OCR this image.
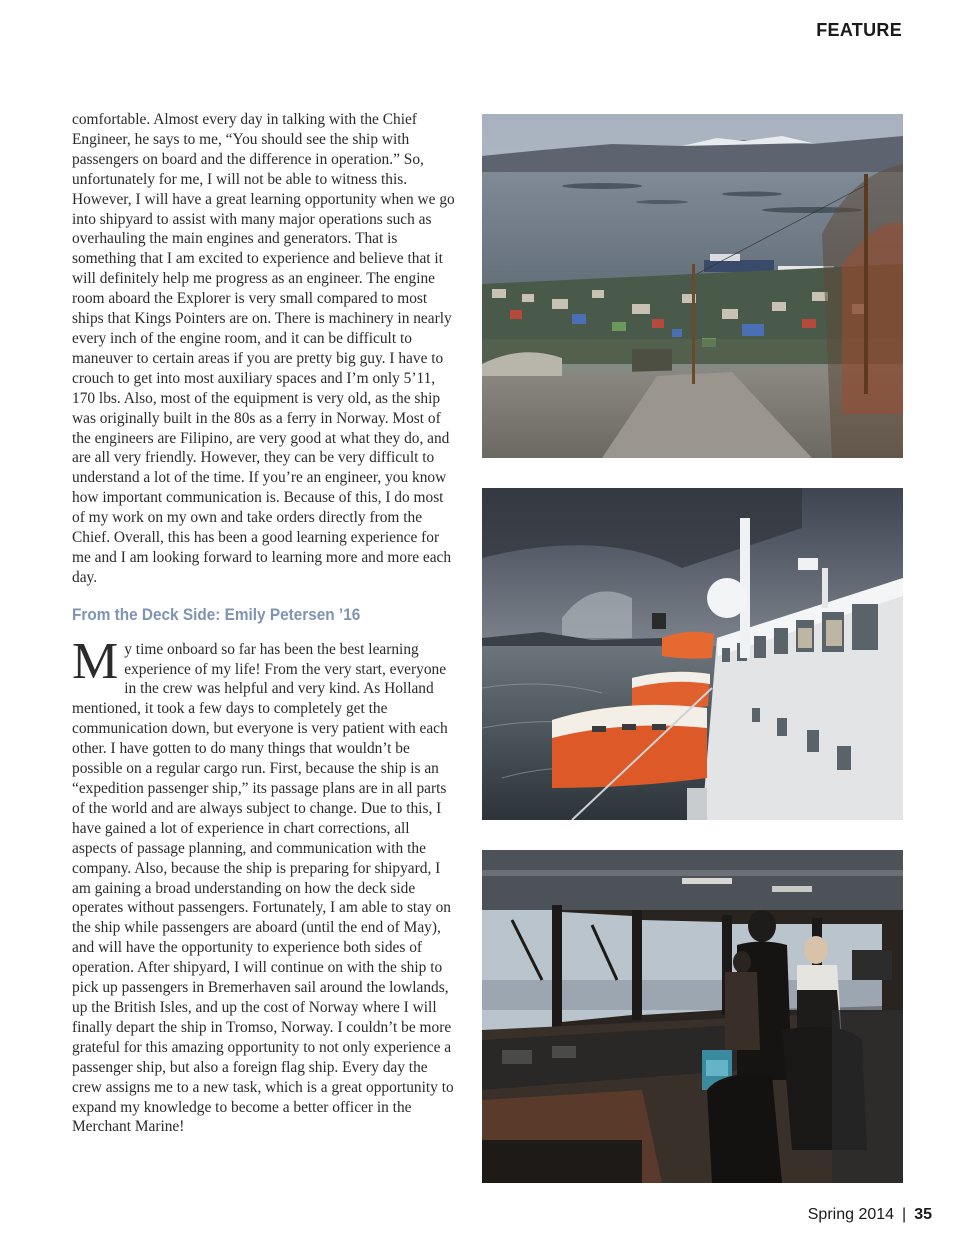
FEATURE

comfortable. Almost every day in talking with the Chief Engineer, he says to me, “You should see the ship with passengers on board and the difference in operation.” So, unfortunately for me, I will not be able to witness this. However, I will have a great learning opportunity when we go into shipyard to assist with many major operations such as overhauling the main engines and generators. That is something that I am excited to experience and believe that it will definitely help me progress as an engineer. The engine room aboard the Explorer is very small compared to most ships that Kings Pointers are on. There is machinery in nearly every inch of the engine room, and it can be difficult to maneuver to certain areas if you are pretty big guy. I have to crouch to get into most auxiliary spaces and I’m only 5’11, 170 lbs. Also, most of the equipment is very old, as the ship was originally built in the 80s as a ferry in Norway. Most of the engineers are Filipino, are very good at what they do, and are all very friendly. However, they can be very difficult to understand a lot of the time. If you’re an engineer, you know how important communication is. Because of this, I do most of my work on my own and take orders directly from the Chief. Overall, this has been a good learning experience for me and I am looking forward to learning more and more each day.

From the Deck Side: Emily Petersen ’16

My time onboard so far has been the best learning experience of my life! From the very start, everyone in the crew was helpful and very kind. As Holland mentioned, it took a few days to completely get the communication down, but everyone is very patient with each other. I have gotten to do many things that wouldn’t be possible on a regular cargo run. First, because the ship is an “expedition passenger ship,” its passage plans are in all parts of the world and are always subject to change. Due to this, I have gained a lot of experience in chart corrections, all aspects of passage planning, and communication with the company. Also, because the ship is preparing for shipyard, I am gaining a broad understanding on how the deck side operates without passengers. Fortunately, I am able to stay on the ship while passengers are aboard (until the end of May), and will have the opportunity to experience both sides of operation. After shipyard, I will continue on with the ship to pick up passengers in Bremerhaven sail around the lowlands, up the British Isles, and up the cost of Norway where I will finally depart the ship in Tromso, Norway. I couldn’t be more grateful for this amazing opportunity to not only experience a passenger ship, but also a foreign flag ship. Every day the crew assigns me to a new task, which is a great opportunity to expand my knowledge to become a better officer in the Merchant Marine!

Spring 2014 | 35
